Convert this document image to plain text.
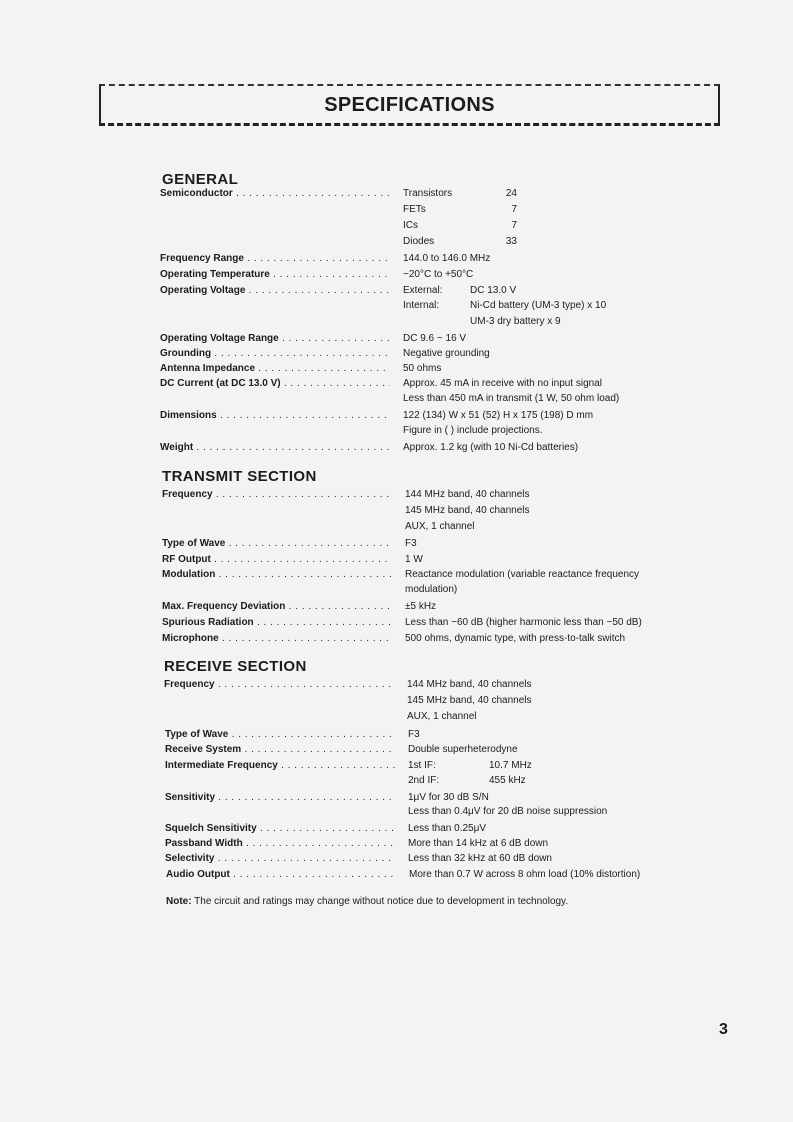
SPECIFICATIONS
GENERAL
Semiconductor . . .	Transistors	24
FETs	7
ICs	7
Diodes	33
Frequency Range . . .	144.0 to 146.0 MHz
Operating Temperature . . .	−20°C to +50°C
Operating Voltage . . .	External:	DC 13.0 V
Internal:	Ni-Cd battery (UM-3 type) x 10
UM-3 dry battery x 9
Operating Voltage Range . . .	DC 9.6 ~ 16 V
Grounding . . .	Negative grounding
Antenna Impedance . . .	50 ohms
DC Current (at DC 13.0 V) . . .	Approx. 45 mA in receive with no input signal
Less than 450 mA in transmit (1 W, 50 ohm load)
Dimensions . . .	122 (134) W x 51 (52) H x 175 (198) D mm
Figure in ( ) include projections.
Weight . . .	Approx. 1.2 kg (with 10 Ni-Cd batteries)
TRANSMIT SECTION
Frequency . . .	144 MHz band, 40 channels
145 MHz band, 40 channels
AUX, 1 channel
Type of Wave . . .	F3
RF Output . . .	1 W
Modulation . . .	Reactance modulation (variable reactance frequency
modulation)
Max. Frequency Deviation . . .	±5 kHz
Spurious Radiation . . .	Less than −60 dB (higher harmonic less than −50 dB)
Microphone . . .	500 ohms, dynamic type, with press-to-talk switch
RECEIVE SECTION
Frequency . . .	144 MHz band, 40 channels
145 MHz band, 40 channels
AUX, 1 channel
Type of Wave . . .	F3
Receive System . . .	Double superheterodyne
Intermediate Frequency . . .	1st IF:	10.7 MHz
2nd IF:	455 kHz
Sensitivity . . .	1μV for 30 dB S/N
Less than 0.4μV for 20 dB noise suppression
Squelch Sensitivity . . .	Less than 0.25μV
Passband Width . . .	More than 14 kHz at 6 dB down
Selectivity . . .	Less than 32 kHz at 60 dB down
Audio Output . . .	More than 0.7 W across 8 ohm load (10% distortion)
Note: The circuit and ratings may change without notice due to development in technology.
3
